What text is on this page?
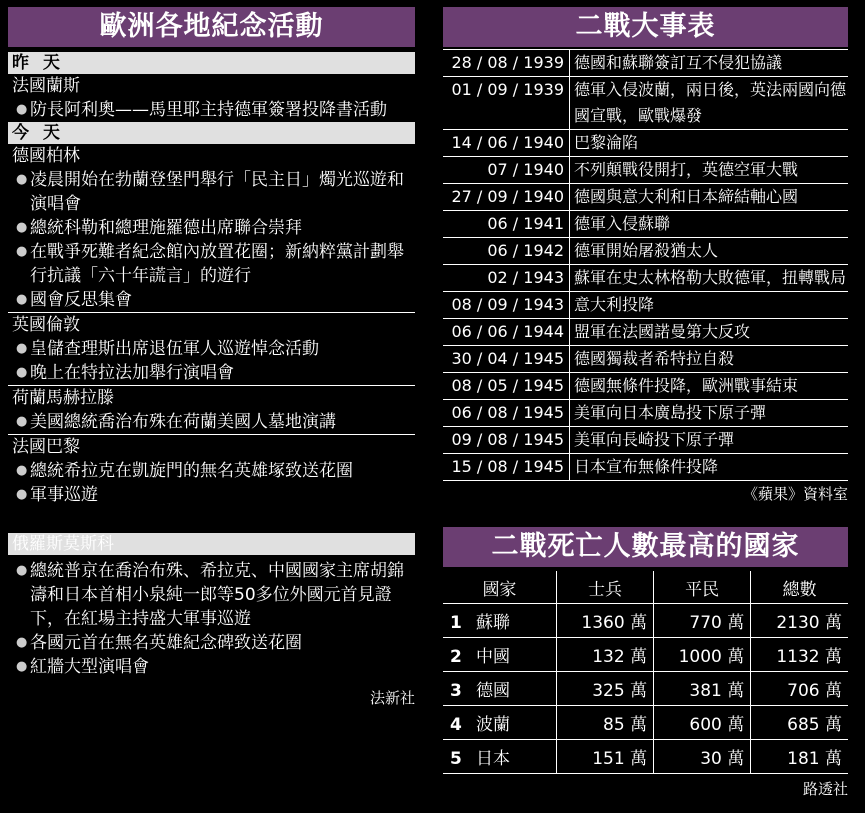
歐洲各地紀念活動
昨 天
法國蘭斯
● 防長阿利奧——馬里耶主持德軍簽署投降書活動
今 天
德國柏林
● 凌晨開始在勃蘭登堡門舉行「民主日」燭光巡遊和演唱會
● 總統科勒和總理施羅德出席聯合崇拜
● 在戰爭死難者紀念館內放置花圈；新納粹黨計劃舉行抗議「六十年謊言」的遊行
● 國會反思集會
英國倫敦
● 皇儲查理斯出席退伍軍人巡遊悼念活動
● 晚上在特拉法加舉行演唱會
荷蘭馬赫拉滕
● 美國總統喬治布殊在荷蘭美國人墓地演講
法國巴黎
● 總統希拉克在凱旋門的無名英雄塚致送花圈
● 軍事巡遊
俄羅斯莫斯科
● 總統普京在喬治布殊、希拉克、中國國家主席胡錦濤和日本首相小泉純一郎等50多位外國元首見證下，在紅場主持盛大軍事巡遊
● 各國元首在無名英雄紀念碑致送花圈
● 紅牆大型演唱會
法新社
二戰大事表
28 / 08 / 1939 德國和蘇聯簽訂互不侵犯協議
01 / 09 / 1939 德軍入侵波蘭，兩日後，英法兩國向德國宣戰，歐戰爆發
14 / 06 / 1940 巴黎淪陷
07 / 1940 不列顛戰役開打，英德空軍大戰
27 / 09 / 1940 德國與意大利和日本締結軸心國
06 / 1941 德軍入侵蘇聯
06 / 1942 德軍開始屠殺猶太人
02 / 1943 蘇軍在史太林格勒大敗德軍，扭轉戰局
08 / 09 / 1943 意大利投降
06 / 06 / 1944 盟軍在法國諾曼第大反攻
30 / 04 / 1945 德國獨裁者希特拉自殺
08 / 05 / 1945 德國無條件投降，歐洲戰事結束
06 / 08 / 1945 美軍向日本廣島投下原子彈
09 / 08 / 1945 美軍向長崎投下原子彈
15 / 08 / 1945 日本宣布無條件投降
《蘋果》資料室
二戰死亡人數最高的國家
國家	士兵	平民	總數
1 蘇聯	1360 萬	770 萬	2130 萬
2 中國	132 萬	1000 萬	1132 萬
3 德國	325 萬	381 萬	706 萬
4 波蘭	85 萬	600 萬	685 萬
5 日本	151 萬	30 萬	181 萬
路透社
